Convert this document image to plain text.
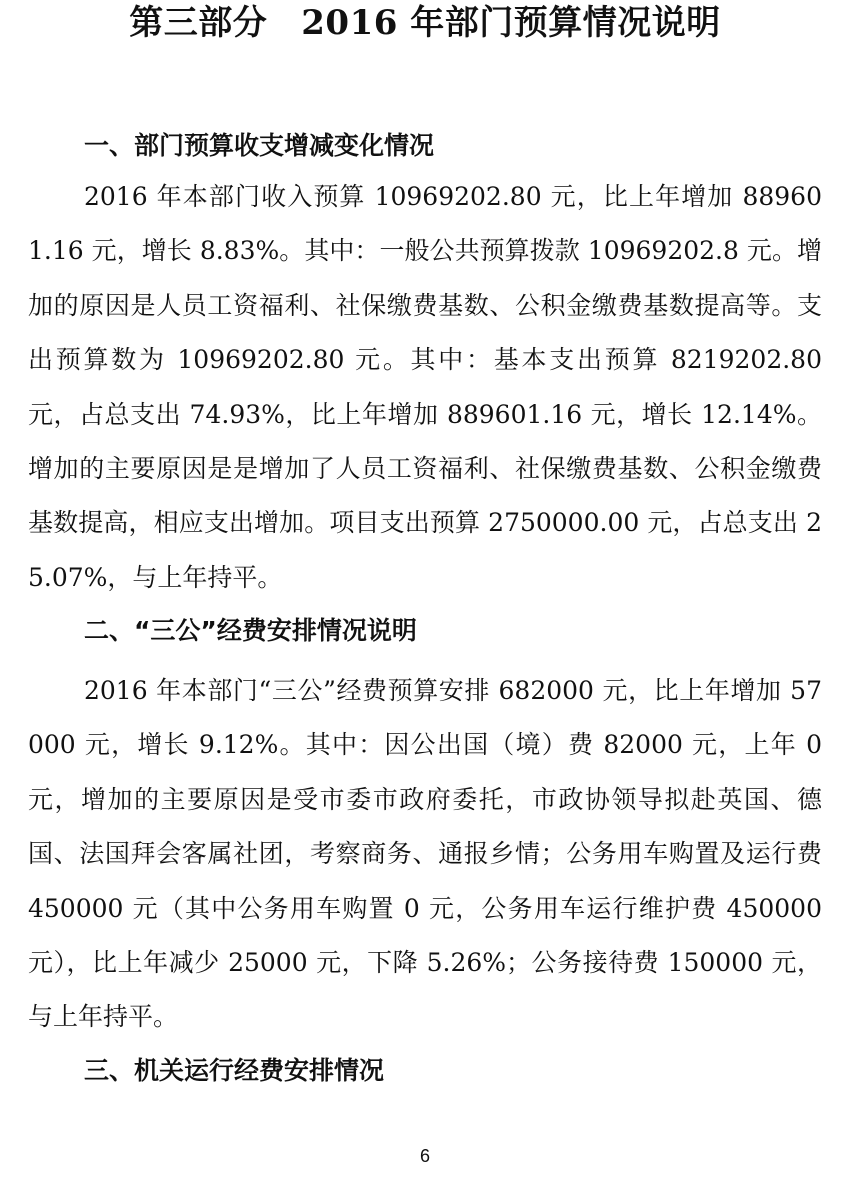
第三部分 2016 年部门预算情况说明
一、部门预算收支增减变化情况

2016 年本部门收入预算 10969202.80 元，比上年增加 889601.16 元，增长 8.83%。其中：一般公共预算拨款 10969202.8 元。增加的原因是人员工资福利、社保缴费基数、公积金缴费基数提高等。支出预算数为 10969202.80 元。其中：基本支出预算 8219202.80 元，占总支出 74.93%，比上年增加 889601.16 元，增长 12.14%。增加的主要原因是是增加了人员工资福利、社保缴费基数、公积金缴费基数提高，相应支出增加。项目支出预算 2750000.00 元，占总支出 25.07%，与上年持平。

二、“三公”经费安排情况说明

2016 年本部门“三公”经费预算安排 682000 元，比上年增加 57000 元，增长 9.12%。其中：因公出国（境）费 82000 元，上年 0 元，增加的主要原因是受市委市政府委托，市政协领导拟赴英国、德国、法国拜会客属社团，考察商务、通报乡情；公务用车购置及运行费 450000 元（其中公务用车购置 0 元，公务用车运行维护费 450000 元），比上年减少 25000 元，下降 5.26%；公务接待费 150000 元，与上年持平。

三、机关运行经费安排情况
6
